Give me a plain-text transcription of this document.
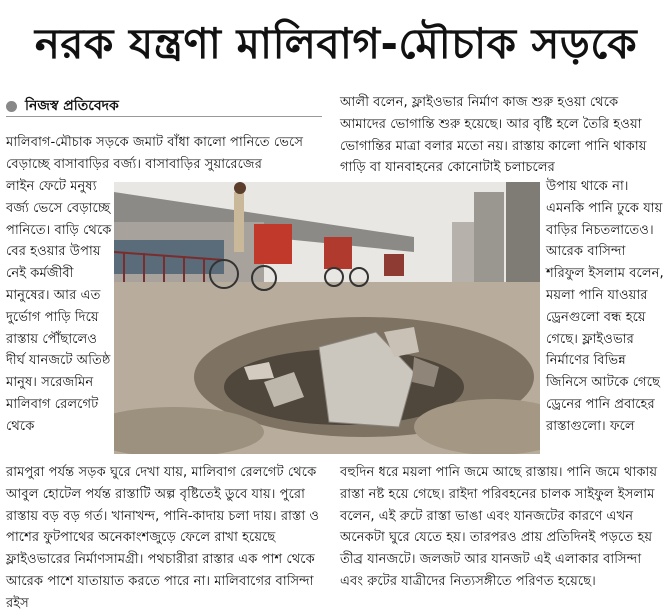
নরক যন্ত্রণা মালিবাগ-মৌচাক সড়কে
নিজস্ব প্রতিবেদক

মালিবাগ-মৌচাক সড়কে জমাট বাঁধা কালো পানিতে ভেসে বেড়াচ্ছে বাসাবাড়ির বর্জ্য। বাসাবাড়ির সুয়ারেজের

লাইন ফেটে মনুষ্য বর্জ্য ভেসে বেড়াচ্ছে পানিতে। বাড়ি থেকে বের হওয়ার উপায় নেই কর্মজীবী মানুষের। আর এত দুর্ভোগ পাড়ি দিয়ে রাস্তায় পৌঁছালেও দীর্ঘ যানজটে অতিষ্ঠ মানুষ। সরেজমিন মালিবাগ রেলগেট থেকে

রামপুরা পর্যন্ত সড়ক ঘুরে দেখা যায়, মালিবাগ রেলগেট থেকে আবুল হোটেল পর্যন্ত রাস্তাটি অল্প বৃষ্টিতেই ডুবে যায়। পুরো রাস্তায় বড় বড় গর্ত। খানাখন্দ, পানি-কাদায় চলা দায়। রাস্তা ও পাশের ফুটপাথের অনেকাংশজুড়ে ফেলে রাখা হয়েছে ফ্লাইওভারের নির্মাণসামগ্রী। পথচারীরা রাস্তার এক পাশ থেকে আরেক পাশে যাতায়াত করতে পারে না। মালিবাগের বাসিন্দা রইস

আলী বলেন, ফ্লাইওভার নির্মাণ কাজ শুরু হওয়া থেকে আমাদের ভোগান্তি শুরু হয়েছে। আর বৃষ্টি হলে তৈরি হওয়া ভোগান্তির মাত্রা বলার মতো নয়। রাস্তায় কালো পানি থাকায় গাড়ি বা যানবাহনের কোনোটাই চলাচলের

উপায় থাকে না। এমনকি পানি ঢুকে যায় বাড়ির নিচতলাতেও। আরেক বাসিন্দা শরিফুল ইসলাম বলেন, ময়লা পানি যাওয়ার ড্রেনগুলো বন্ধ হয়ে গেছে। ফ্লাইওভার নির্মাণের বিভিন্ন জিনিসে আটকে গেছে ড্রেনের পানি প্রবাহের রাস্তাগুলো। ফলে

বহুদিন ধরে ময়লা পানি জমে আছে রাস্তায়। পানি জমে থাকায় রাস্তা নষ্ট হয়ে গেছে। রাইদা পরিবহনের চালক সাইফুল ইসলাম বলেন, এই রুটে রাস্তা ভাঙা এবং যানজটের কারণে এখন অনেকটা ঘুরে যেতে হয়। তারপরও প্রায় প্রতিদিনই পড়তে হয় তীব্র যানজটে। জলজট আর যানজট এই এলাকার বাসিন্দা এবং রুটের যাত্রীদের নিত্যসঙ্গীতে পরিণত হয়েছে।
